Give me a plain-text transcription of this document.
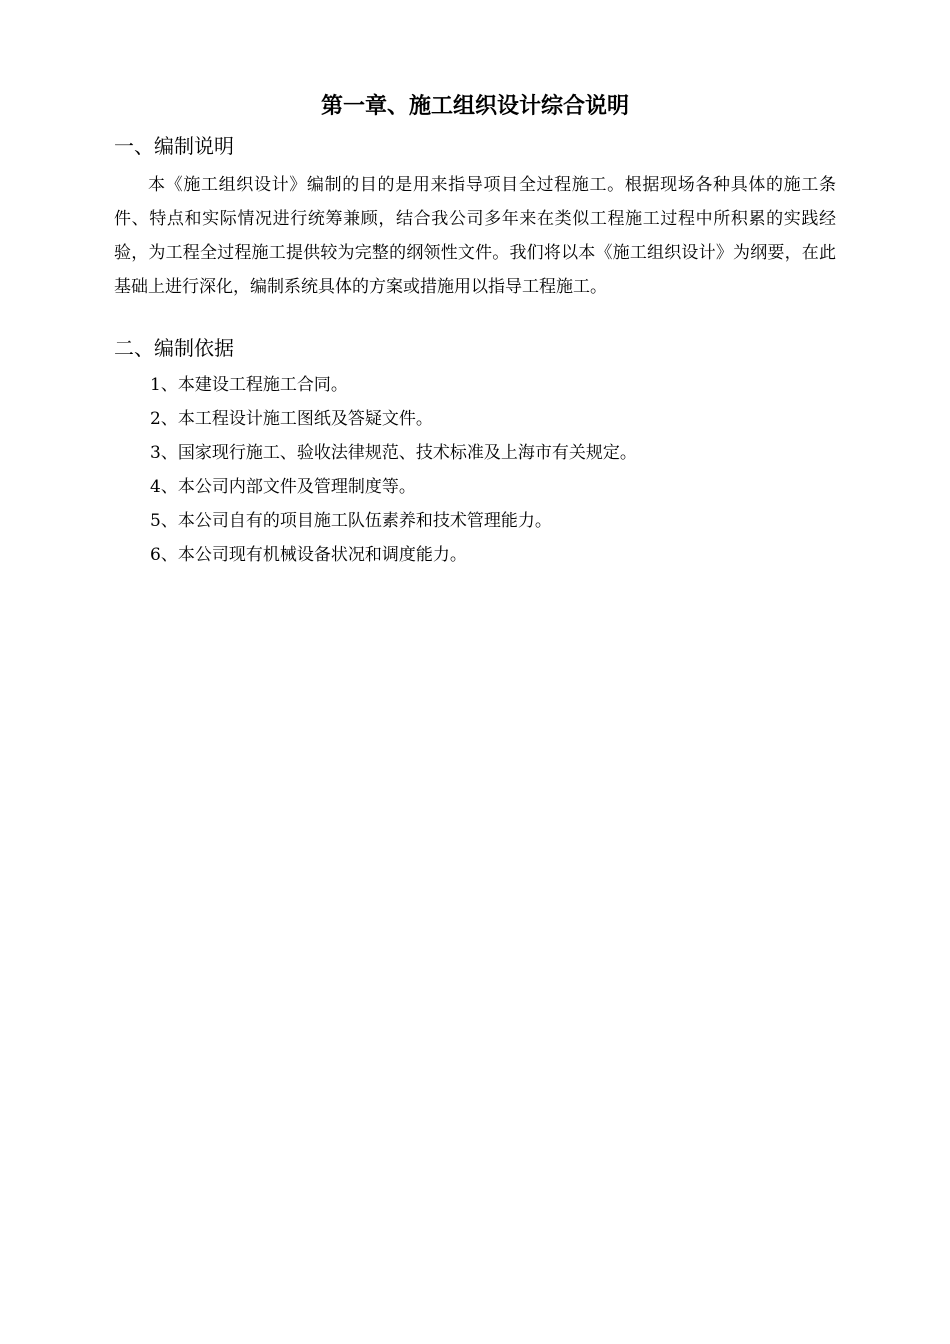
第一章、施工组织设计综合说明
一、编制说明
本《施工组织设计》编制的目的是用来指导项目全过程施工。根据现场各种具体的施工条件、特点和实际情况进行统筹兼顾，结合我公司多年来在类似工程施工过程中所积累的实践经验，为工程全过程施工提供较为完整的纲领性文件。我们将以本《施工组织设计》为纲要，在此基础上进行深化，编制系统具体的方案或措施用以指导工程施工。
二、编制依据
1、本建设工程施工合同。
2、本工程设计施工图纸及答疑文件。
3、国家现行施工、验收法律规范、技术标准及上海市有关规定。
4、本公司内部文件及管理制度等。
5、本公司自有的项目施工队伍素养和技术管理能力。
6、本公司现有机械设备状况和调度能力。
